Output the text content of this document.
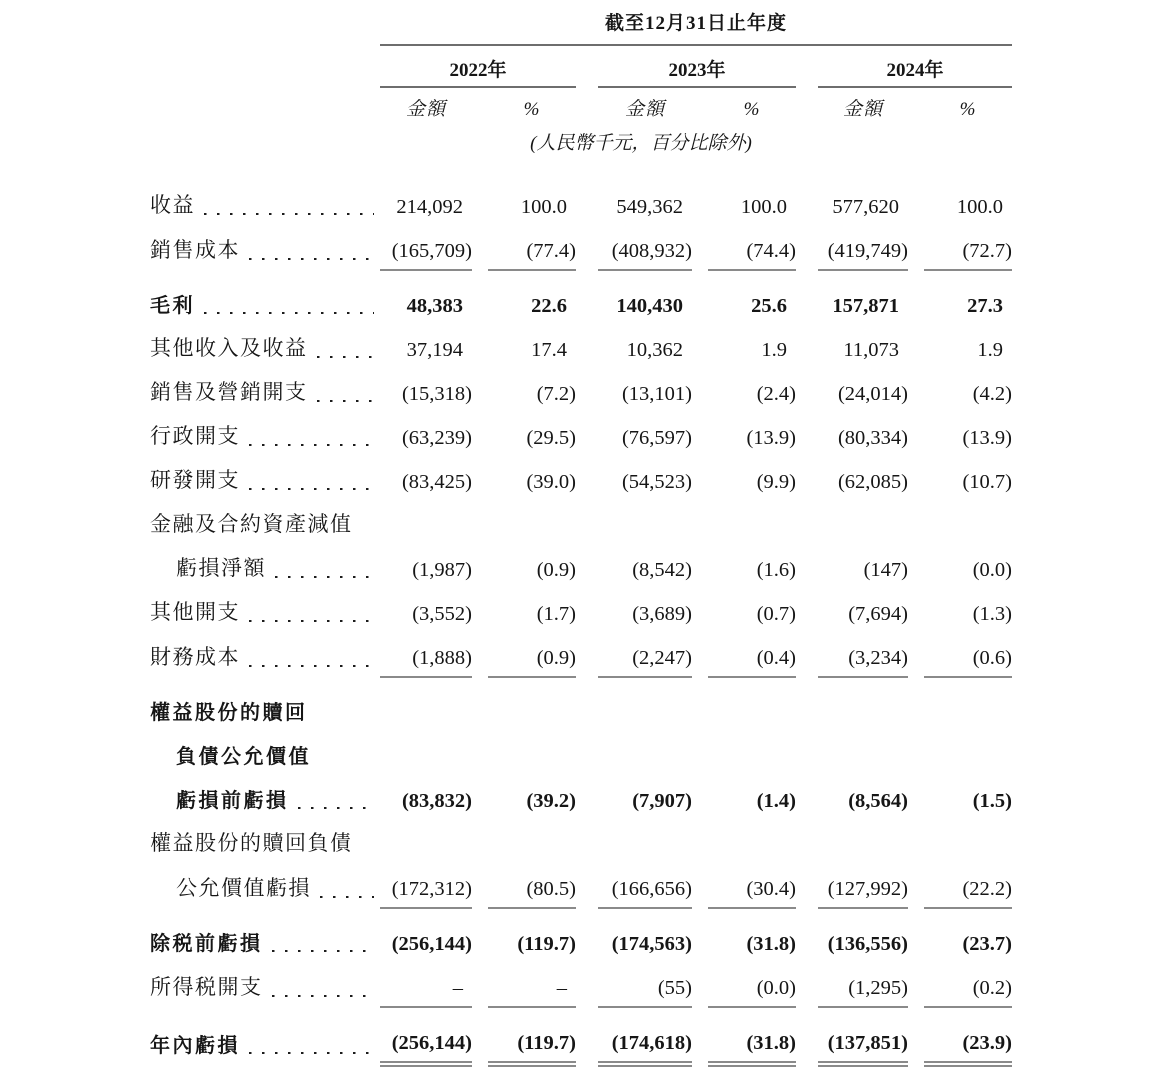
	截至12月31日止年度										
	2022年				2023年				2024年		
	金額		%		金額		%		金額		%
	(人民幣千元，百分比除外)										

收益	214,092		100.0		549,362		100.0		577,620		100.0

銷售成本	(165,709)		(77.4)		(408,932)		(74.4)		(419,749)		(72.7)

毛利	48,383		22.6		140,430		25.6		157,871		27.3

其他收入及收益	37,194		17.4		10,362		1.9		11,073		1.9

銷售及營銷開支	(15,318)		(7.2)		(13,101)		(2.4)		(24,014)		(4.2)

行政開支	(63,239)		(29.5)		(76,597)		(13.9)		(80,334)		(13.9)

研發開支	(83,425)		(39.0)		(54,523)		(9.9)		(62,085)		(10.7)

金融及合約資產減值											

虧損淨額	(1,987)		(0.9)		(8,542)		(1.6)		(147)		(0.0)

其他開支	(3,552)		(1.7)		(3,689)		(0.7)		(7,694)		(1.3)

財務成本	(1,888)		(0.9)		(2,247)		(0.4)		(3,234)		(0.6)

權益股份的贖回											

負債公允價值											

虧損前虧損	(83,832)		(39.2)		(7,907)		(1.4)		(8,564)		(1.5)

權益股份的贖回負債											

公允價值虧損	(172,312)		(80.5)		(166,656)		(30.4)		(127,992)		(22.2)

除税前虧損	(256,144)		(119.7)		(174,563)		(31.8)		(136,556)		(23.7)

所得税開支	–		–		(55)		(0.0)		(1,295)		(0.2)

年內虧損	(256,144)		(119.7)		(174,618)		(31.8)		(137,851)		(23.9)
